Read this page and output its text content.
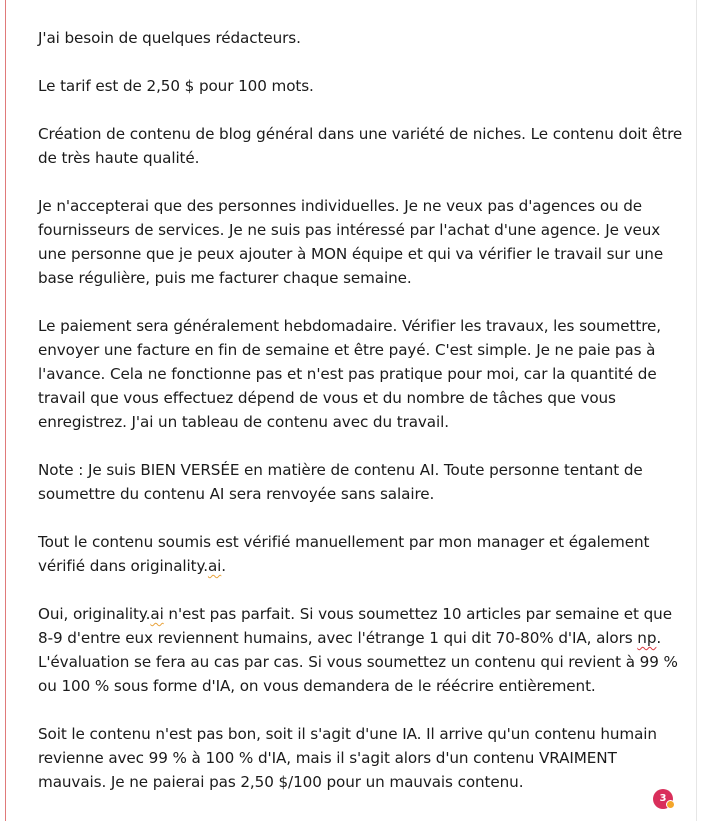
J'ai besoin de quelques rédacteurs.

Le tarif est de 2,50 $ pour 100 mots.

Création de contenu de blog général dans une variété de niches. Le contenu doit être de très haute qualité.

Je n'accepterai que des personnes individuelles. Je ne veux pas d'agences ou de fournisseurs de services. Je ne suis pas intéressé par l'achat d'une agence. Je veux une personne que je peux ajouter à MON équipe et qui va vérifier le travail sur une base régulière, puis me facturer chaque semaine.

Le paiement sera généralement hebdomadaire. Vérifier les travaux, les soumettre, envoyer une facture en fin de semaine et être payé. C'est simple. Je ne paie pas à l'avance. Cela ne fonctionne pas et n'est pas pratique pour moi, car la quantité de travail que vous effectuez dépend de vous et du nombre de tâches que vous enregistrez. J'ai un tableau de contenu avec du travail.

Note : Je suis BIEN VERSÉE en matière de contenu AI. Toute personne tentant de soumettre du contenu AI sera renvoyée sans salaire.

Tout le contenu soumis est vérifié manuellement par mon manager et également vérifié dans originality.ai.

Oui, originality.ai n'est pas parfait. Si vous soumettez 10 articles par semaine et que 8-9 d'entre eux reviennent humains, avec l'étrange 1 qui dit 70-80% d'IA, alors np. L'évaluation se fera au cas par cas. Si vous soumettez un contenu qui revient à 99 % ou 100 % sous forme d'IA, on vous demandera de le réécrire entièrement.

Soit le contenu n'est pas bon, soit il s'agit d'une IA. Il arrive qu'un contenu humain revienne avec 99 % à 100 % d'IA, mais il s'agit alors d'un contenu VRAIMENT mauvais. Je ne paierai pas 2,50 $/100 pour un mauvais contenu.

3
